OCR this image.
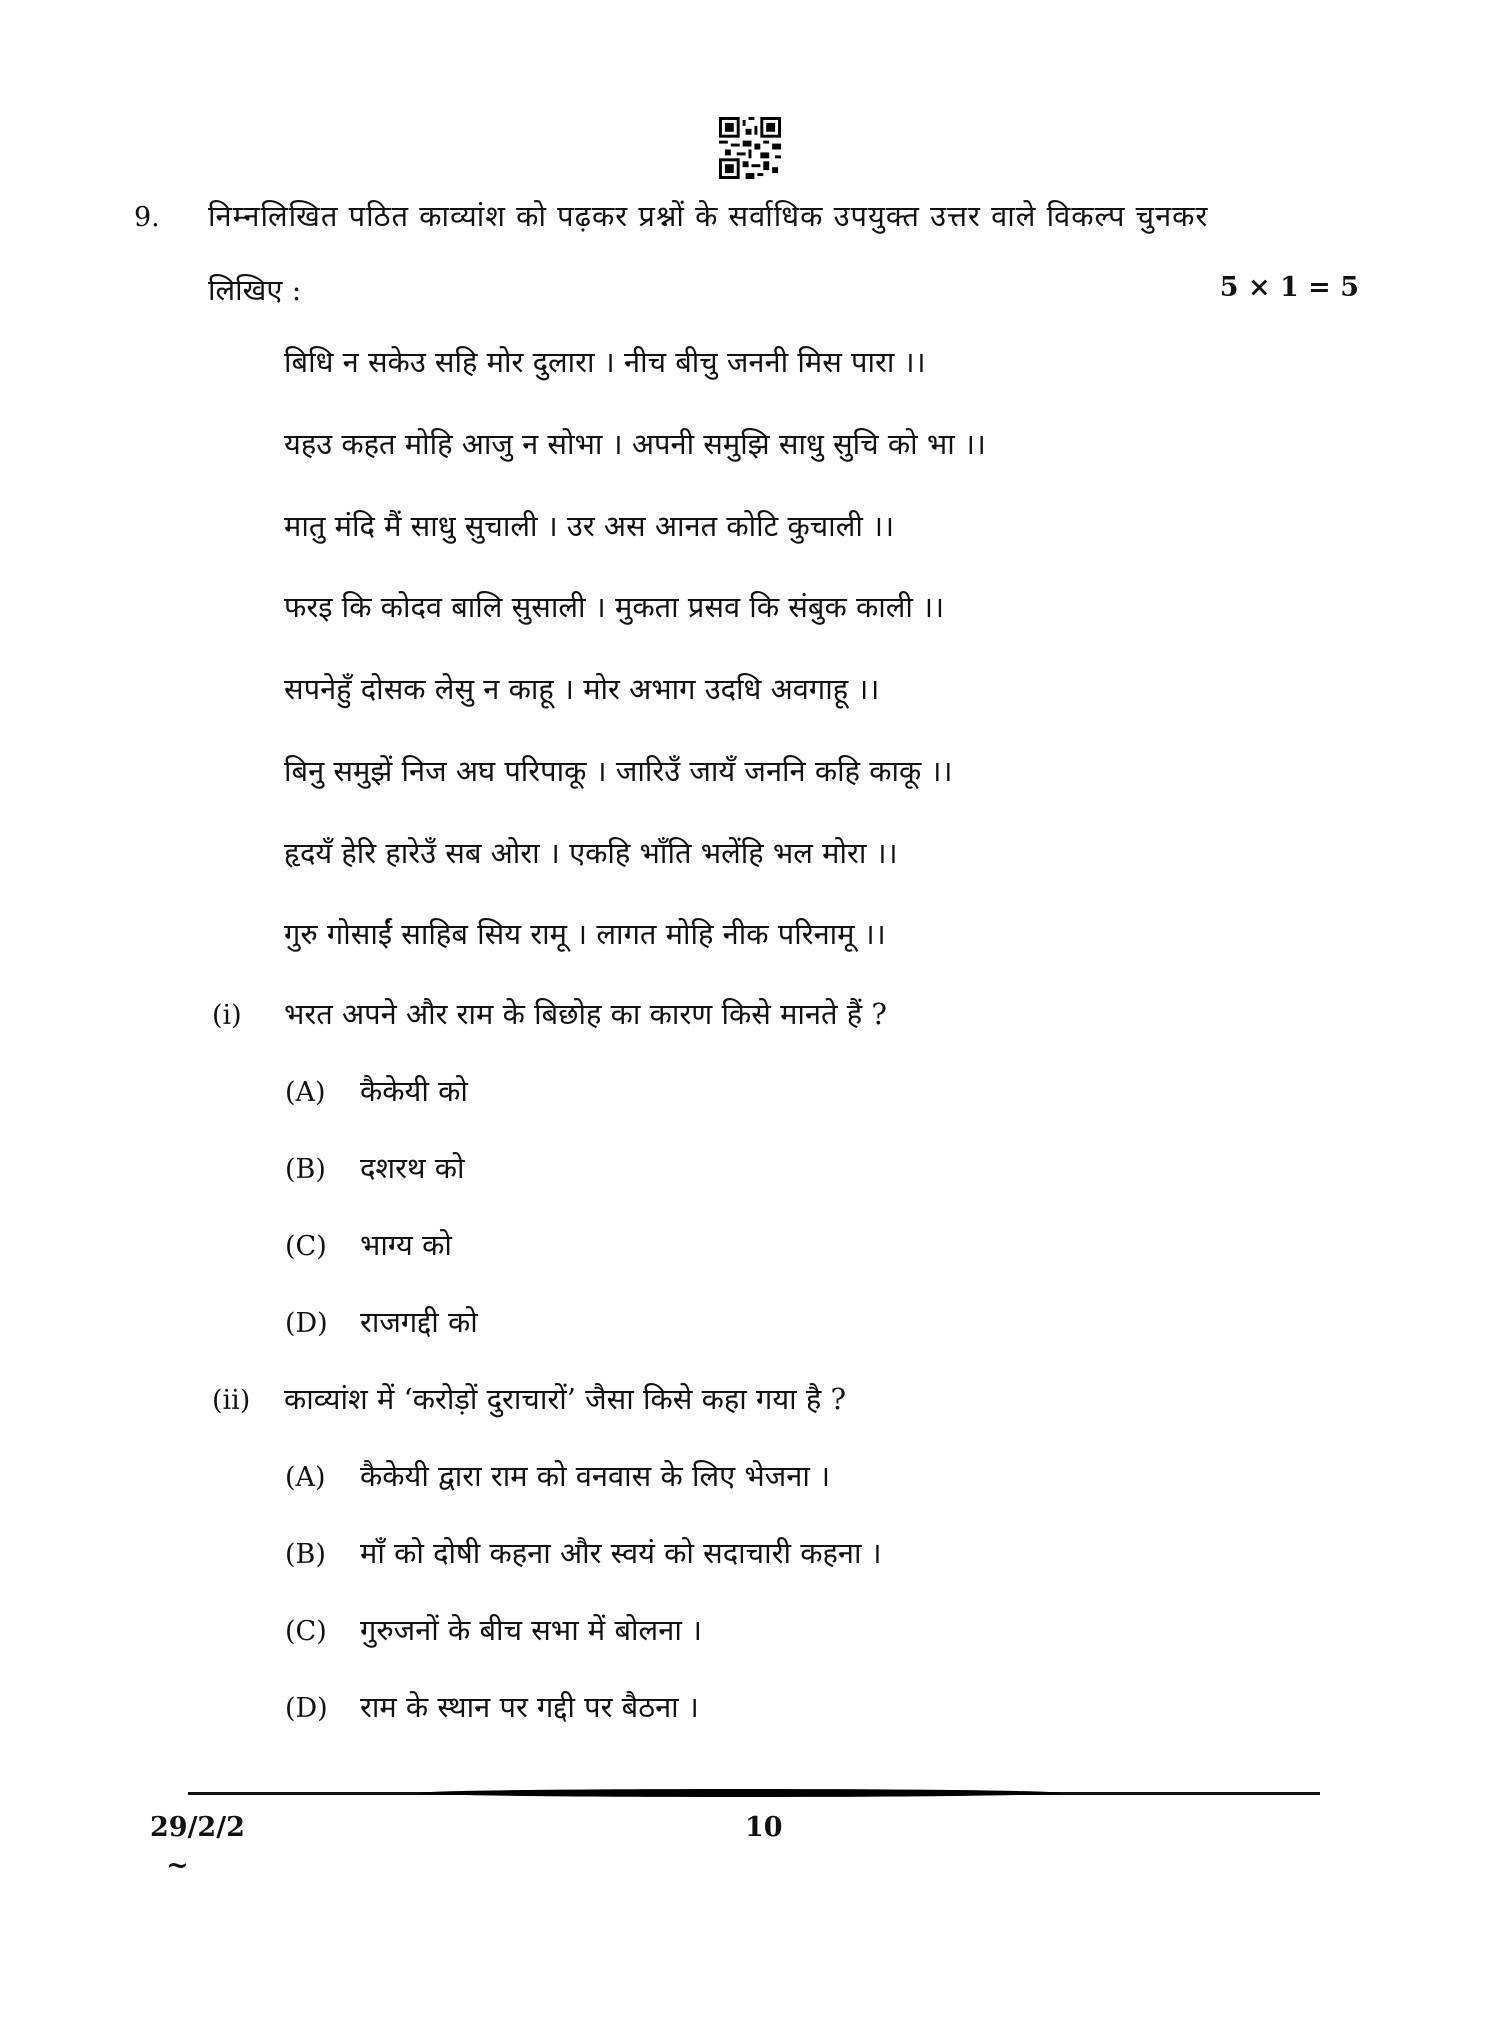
9. निम्नलिखित पठित काव्यांश को पढ़कर प्रश्नों के सर्वाधिक उपयुक्त उत्तर वाले विकल्प चुनकर
लिखिए :	5 × 1 = 5
बिधि न सकेउ सहि मोर दुलारा । नीच बीचु जननी मिस पारा ।।
यहउ कहत मोहि आजु न सोभा । अपनी समुझि साधु सुचि को भा ।।
मातु मंदि मैं साधु सुचाली । उर अस आनत कोटि कुचाली ।।
फरइ कि कोदव बालि सुसाली । मुकता प्रसव कि संबुक काली ।।
सपनेहुँ दोसक लेसु न काहू । मोर अभाग उदधि अवगाहू ।।
बिनु समुझें निज अघ परिपाकू । जारिउँ जायँ जननि कहि काकू ।।
हृदयँ हेरि हारेउँ सब ओरा । एकहि भाँति भलेंहि भल मोरा ।।
गुरु गोसाईं साहिब सिय रामू । लागत मोहि नीक परिनामू ।।
(i) भरत अपने और राम के बिछोह का कारण किसे मानते हैं ?
(A) कैकेयी को
(B) दशरथ को
(C) भाग्य को
(D) राजगद्दी को
(ii) काव्यांश में ‘करोड़ों दुराचारों’ जैसा किसे कहा गया है ?
(A) कैकेयी द्वारा राम को वनवास के लिए भेजना ।
(B) माँ को दोषी कहना और स्वयं को सदाचारी कहना ।
(C) गुरुजनों के बीच सभा में बोलना ।
(D) राम के स्थान पर गद्दी पर बैठना ।
29/2/2	10
~
